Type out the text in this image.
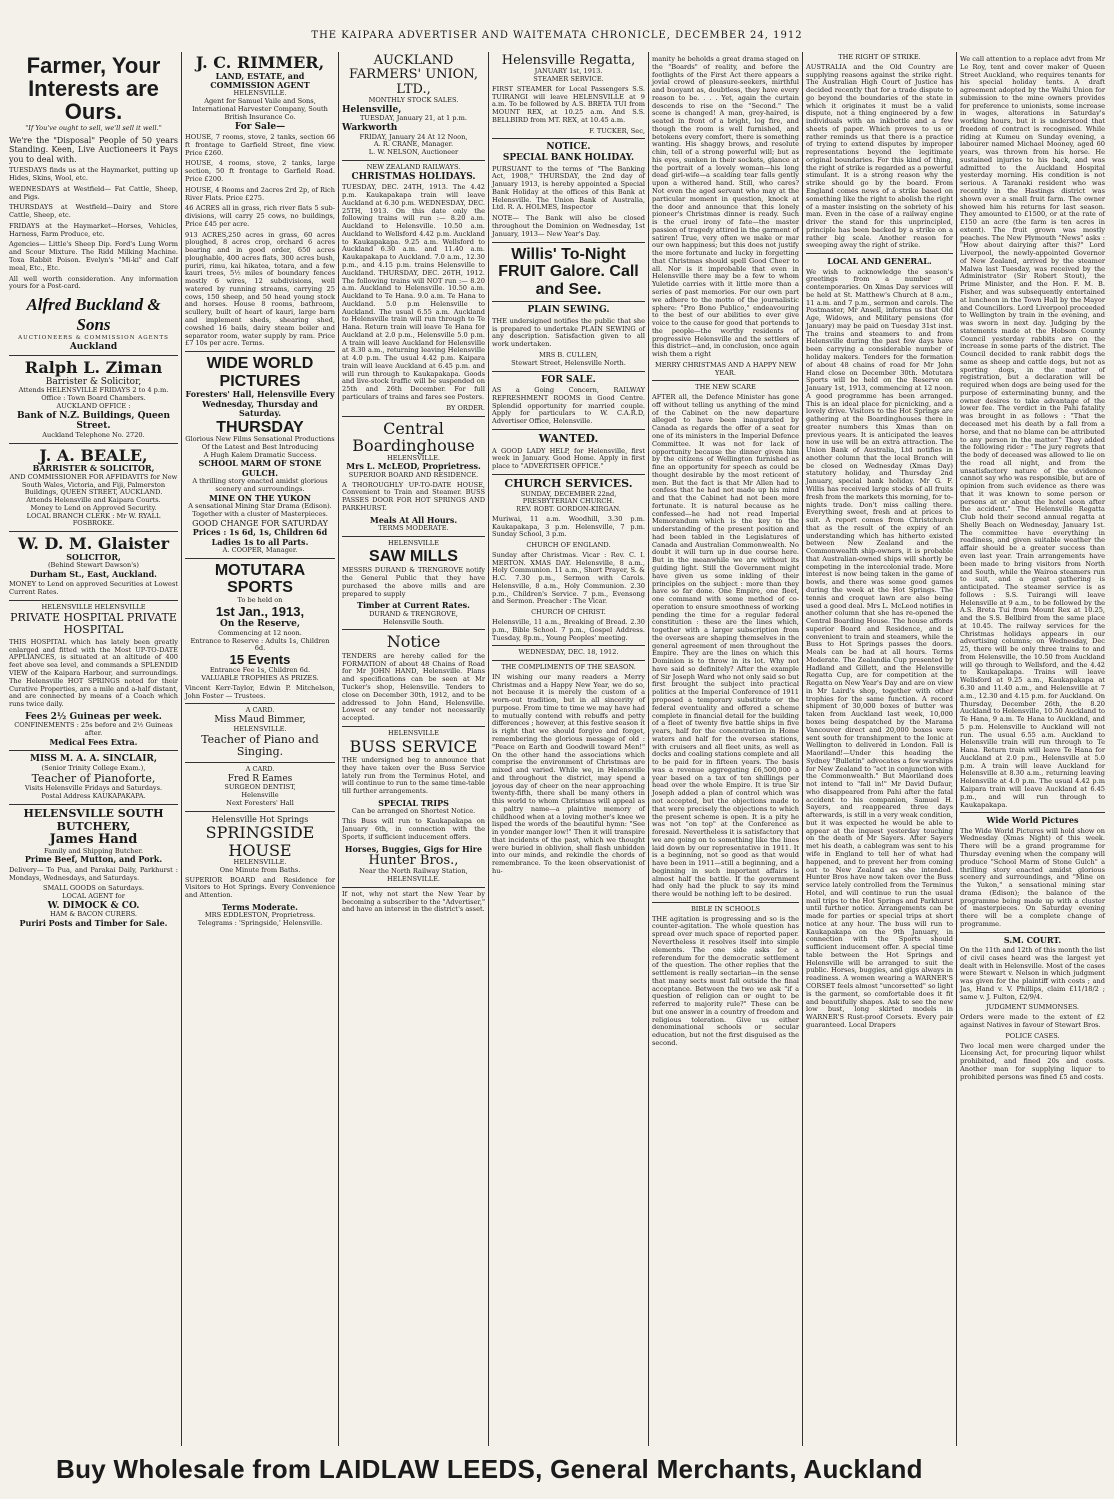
THE KAIPARA ADVERTISER AND WAITEMATA CHRONICLE, DECEMBER 24, 1912
Farmer, Your Interests are Ours.
"If You've ought to sell, we'll sell it well."
We're the "Disposal" People of 50 years Standing. Keen, Live Auctioneers it Pays you to deal with.
TUESDAYS finds us at the Haymarket, putting up Hides, Skins, Wool, etc.
WEDNESDAYS at Westfield— Fat Cattle, Sheep, and Pigs.
THURSDAYS at Westfield—Dairy and Store Cattle, Sheep, etc.
FRIDAYS at the Haymarket—Horses, Vehicles, Harness, Farm Produce, etc.
Agencies— Little's Sheep Dip. Ford's Lung Worm and Scour Mixture. The Ridd Milking Machine. Toxa Rabbit Poison. Evelyn's "Mi-ki" and Calf meal, Etc., Etc.
All well worth consideration. Any information yours for a Post-card.
Alfred Buckland & Sons
AUCTIONEERS & COMMISSION AGENTS
Auckland
Ralph L. Ziman
Barrister & Solicitor,
Attends HELENSVILLE FRIDAYS 2 to 4 p.m.
Office : Town Board Chambers.
AUCKLAND OFFICE :
Bank of N.Z. Buildings, Queen Street.
Auckland Telephone No. 2720.
J. A. BEALE,
BARRISTER & SOLICITOR,
AND COMMISSIONER FOR AFFIDAVITS for New South Wales, Victoria, and Fiji, Palmerston Buildings, QUEEN STREET, AUCKLAND.
Attends Helensville and Kaipara Courts.
Money to Lend on Approved Security.
LOCAL BRANCH CLERK : Mr W. RYALL FOSBROKE.
W. D. M. Glaister
SOLICITOR,
(Behind Stewart Dawson's)
Durham St., East, Auckland.
MONEY to Lend on approved Securities at Lowest Current Rates.
HELENSVILLE HELENSVILLE
PRIVATE HOSPITAL PRIVATE HOSPITAL
THIS HOSPITAL which has lately been greatly enlarged and fitted with the Most UP-TO-DATE APPLIANCES, is situated at an altitude of 400 feet above sea level, and commands a SPLENDID VIEW of the Kaipara Harbour, and surroundings. The Helensville HOT SPRINGS noted for their Curative Properties, are a mile and a-half distant, and are connected by means of a Coach which runs twice daily.
Fees 2½ Guineas per week.
CONFINEMENTS : 25s before and 2½ Guineas after.
Medical Fees Extra.
MISS M. A. A. SINCLAIR,
(Senior Trinity College Exam.),
Teacher of Pianoforte,
Visits Helensville Fridays and Saturdays.
Postal Address KAUKAPAKAPA.
HELENSVILLE SOUTH BUTCHERY,
James Hand
Family and Shipping Butcher.
Prime Beef, Mutton, and Pork.
Delivery— To Pua, and Parakai Daily, Parkhurst : Mondays, Wednesdays, and Saturdays.
SMALL GOODS on Saturdays.
LOCAL AGENT for
W. DIMOCK & CO.
HAM & BACON CURERS.
Puriri Posts and Timber for Sale.
J. C. RIMMER,
LAND, ESTATE, and COMMISSION AGENT
HELENSVILLE.
Agent for Samuel Vaile and Sons, International Harvester Company, South British Insurance Co.
For Sale—
HOUSE, 7 rooms, stove, 2 tanks, section 66 ft frontage to Garfield Street, fine view. Price £260.
HOUSE, 4 rooms, stove, 2 tanks, large section, 50 ft frontage to Garfield Road. Price £200.
HOUSE, 4 Rooms and 2acres 2rd 2p, of Rich River Flats. Price £275.
46 ACRES all in grass, rich river flats 5 sub-divisions, will carry 25 cows, no buildings, Price £45 per acre.
913 ACRES,250 acres in grass, 60 acres ploughed, 8 acres crop, orchard 6 acres bearing and in good order, 650 acres ploughable, 400 acres flats, 300 acres bush, puriri, rimu, kai hikatea, totara, and a few kauri trees, 5½ miles of boundary fences mostly 6 wires, 12 subdivisions, well watered by running streams, carrying 25 cows, 150 sheep, and 50 head young stock and horses. House 8 rooms, bathroom, scullery, built of heart of kauri, large barn and implement sheds, shearing shed, cowshed 16 bails, dairy steam boiler and separator room, water supply by ram. Price £7 10s per acre. Terms.
WIDE WORLD PICTURES
Foresters' Hall, Helensville Every Wednesday, Thursday and Saturday.
THURSDAY
Glorious New Films Sensational Productions Of the Latest and Best Introducing
A Hugh Kalem Dramatic Success.
SCHOOL MARM OF STONE GULCH.
A thrilling story enacted amidst glorious scenery and surroundings.
MINE ON THE YUKON
A sensational Mining Star Drama (Edison).
Together with a cluster of Masterpieces.
GOOD CHANGE FOR SATURDAY
Prices : 1s 6d, 1s, Children 6d Ladies 1s to all Parts.
A. COOPER, Manager.
MOTUTARA SPORTS
To be held on
1st Jan., 1913,
On the Reserve,
Commencing at 12 noon.
Entrance to Reserve : Adults 1s, Children 6d.
15 Events
Entrance Fee 1s, Children 6d.
VALUABLE TROPHIES AS PRIZES.
Vincent Kerr-Taylor, Edwin P. Mitchelson, John Foster — Trustees.
A CARD.
Miss Maud Bimmer,
HELENSVILLE.
Teacher of Piano and Singing.
A CARD.
Fred R Eames
SURGEON DENTIST,
Helensville
Next Foresters' Hall
Helensville Hot Springs
SPRINGSIDE HOUSE
HELENSVILLE.
One Minute from Baths.
SUPERIOR BOARD and Residence for Visitors to Hot Springs. Every Convenience and Attention.
Terms Moderate.
MRS EDDLESTON, Proprietress.
Telegrams : 'Springside,' Helensville.
AUCKLAND FARMERS' UNION, LTD.,
MONTHLY STOCK SALES.
Helensville,
TUESDAY, January 21, at 1 p.m.
Warkworth
FRIDAY, January 24 At 12 Noon,
A. R. CRANE, Manager.
L. W. NELSON, Auctioneer
NEW ZEALAND RAILWAYS.
CHRISTMAS HOLIDAYS.
TUESDAY, DEC. 24TH, 1913. The 4.42 p.m. Kaukapakapa train will leave Auckland at 6.30 p.m. WEDNESDAY, DEC. 25TH, 1913. On this date only the following trains will run :— 8.20 a.m. Auckland to Helensville. 10.50 a.m. Auckland to Wellsford 4.42 p.m. Auckland to Kaukapakapa. 9.25 a.m. Wellsford to Auckland 6.30 a.m. and 11.40 a.m. Kaukapakapa to Auckland. 7.0 a.m., 12.30 p.m., and 4.15 p.m. trains Helensville to Auckland. THURSDAY, DEC. 26TH, 1912. The following trains will NOT run :— 8.20 a.m. Auckland to Helensville. 10.50 a.m. Auckland to Te Hana. 9.0 a.m. Te Hana to Auckland. 5.0 p.m Helensville to Auckland. The usual 6.55 a.m. Auckland to Helensville train will run through to Te Hana. Return train will leave Te Hana for Auckland at 2.0 p.m., Helensville 5.0 p.m. A train will leave Auckland for Helensville at 8.30 a.m., returning leaving Helensville at 4.0 p.m. The usual 4.42 p.m. Kaipara train will leave Auckland at 6.45 p.m. and will run through to Kaukapakapa. Goods and live-stock traffic will be suspended on 25th and 26th December. For full particulars of trains and fares see Posters.
BY ORDER.
Central Boardinghouse
HELENSVILLE.
Mrs L. McLEOD, Proprietress.
SUPERIOR BOARD AND RESIDENCE.
A THOROUGHLY UP-TO-DATE HOUSE, Convenient to Train and Steamer. BUSS PASSES DOOR FOR HOT SPRINGS AND PARKHURST.
Meals At All Hours.
TERMS MODERATE.
HELENSVILLE
SAW MILLS
MESSRS DURAND & TRENGROVE notify the General Public that they have purchased the above mills and are prepared to supply
Timber at Current Rates.
DURAND & TRENGROVE,
Helensville South.
Notice
TENDERS are hereby called for the FORMATION of about 48 Chains of Road for Mr JOHN HAND, Helensville. Plans and specifications can be seen at Mr Tucker's shop, Helensville. Tenders to close on December 30th, 1912, and to be addressed to John Hand, Helensville. Lowest or any tender not necessarily accepted.
HELENSVILLE
BUSS SERVICE
THE undersigned beg to announce that they have taken over the Buss Service lately run from the Terminus Hotel, and will continue to run to the same time-table till further arrangements.
SPECIAL TRIPS
Can be arranged on Shortest Notice.
This Buss will run to Kaukapakapa on January 6th, in connection with the Sports, if sufficient inducement offers.
Horses, Buggies, Gigs for Hire
Hunter Bros.,
Near the North Railway Station, HELENSVILLE.
If not, why not start the New Year by becoming a subscriber to the "Advertiser," and have an interest in the district's asset.
Helensville Regatta,
JANUARY 1st, 1913.
STEAMER SERVICE.
FIRST STEAMER for Local Passengers S.S. TUIRANGI will leave HELENSVILLE at 9 a.m. To be followed by A.S. BRETA TUI from MOUNT REX, at 10.25 a.m. And S.S. BELLBIRD from MT. REX, at 10.45 a.m.
F. TUCKER, Sec,
NOTICE.
SPECIAL BANK HOLIDAY.
PURSUANT to the terms of "The Banking Act, 1908," THURSDAY, the 2nd day of January 1913, is hereby appointed a Special Bank Holiday at the offices of this Bank at Helensville. The Union Bank of Australia, Ltd. R. A. HOLMES, Inspector
NOTE— The Bank will also be closed throughout the Dominion on Wednesday, 1st January, 1913— New Year's Day.
Willis' To-Night FRUIT Galore. Call and See.
PLAIN SEWING.
THE undersigned notifies the public that she is prepared to undertake PLAIN SEWING of any description. Satisfaction given to all work undertaken.
MRS B. CULLEN,
Stewart Street, Helensville North.
FOR SALE.
AS a Going Concern, RAILWAY REFRESHMENT ROOMS in Good Centre. Splendid opportunity for married couple. Apply for particulars to W. C.A.R.D, Advertiser Office, Helensville.
WANTED.
A GOOD LADY HELP, for Helensville, first week in January. Good Home. Apply in first place to "ADVERTISER OFFICE."
CHURCH SERVICES.
SUNDAY, DECEMBER 22nd,
PRESBYTERIAN CHURCH.
REV. ROBT. GORDON-KIRGAN.
Muriwai, 11 a.m. Woodhill, 3.30 p.m. Kaukapakapa, 3 p.m. Helensville, 7 p.m. Sunday School, 3 p.m.
CHURCH OF ENGLAND.
Sunday after Christmas. Vicar : Rev. C. I. MERTON. XMAS DAY. Helensville, 8 a.m., Holy Communion. 11 a.m., Short Prayer, S. & H.C. 7.30 p.m., Sermon with Carols. Helensville, 8 a.m., Holy Communion. 2.30 p.m., Children's Service. 7 p.m., Evensong and Sermon. Preacher : The Vicar.
CHURCH OF CHRIST.
Helensville, 11 a.m., Breaking of Bread. 2.30 p.m., Bible School. 7 p.m., Gospel Address. Tuesday, 8p.m., Young Peoples' meeting.
WEDNESDAY, DEC. 18, 1912.
THE COMPLIMENTS OF THE SEASON.
IN wishing our many readers a Merry Christmas and a Happy New Year, we do so, not because it is merely the custom of a worn-out tradition, but in all sincerity of purpose. From time to time we may have had to mutually contend with rebuffs and petty differences ; however, at this festive season it is right that we should forgive and forget, remembering the glorious message of old : "Peace on Earth and Goodwill toward Men!" On the other hand the associations which comprise the environment of Christmas are mixed and varied. While we, in Helensville and throughout the district, may spend a joyous day of cheer on the near approaching twenty-fifth, there shall be many others in this world to whom Christmas will appeal as a paltry name—a plaintive memory of childhood when at a loving mother's knee we lisped the words of the beautiful hymn: "See in yonder manger low!" Then it will transpire that incidents of the past, which we thought were buried in oblivion, shall flash unbidden into our minds, and rekindle the chords of remembrance. To the keen observationist of hu-
manity he beholds a great drama staged on the "Boards" of reality, and before the footlights of the First Act there appears a jovial crowd of pleasure-seekers, mirthful and buoyant as, doubtless, they have every reason to be. . . . Yet, again the curtain descends to rise on the "Second." The scene is changed! A man, grey-haired, is seated in front of a bright, log fire, and though the room is well furnished, and betokens every comfort, there is something wanting. His shaggy brows, and resolute chin, tell of a strong powerful will; but as his eyes, sunken in their sockets, glance at the portrait of a lovely woman—his long dead girl-wife—a scalding tear falls gently upon a withered hand. Still, who cares? Not even the aged servant who may at the particular moment in question, knock at the door and announce that this lonely pioneer's Christmas dinner is ready. Such is the cruel irony of fate—the master passion of tragedy attired in the garment of satiren! True, very often we make or mar our own happiness; but this does not justify the more fortunate and lucky in forgetting that Christmas should spell Good Cheer to all. Nor is it improbable that even in Helensville there may be a few to whom Yuletide carries with it little more than a series of past memories. For our own part we adhere to the motto of the journalistic sphere: "Pro Bono Publico," endeavouring to the best of our abilities to ever give voice to the cause for good that portends to the people—the worthy residents of progressive Helensville and the settlers of this district—and, in conclusion, once again wish them a right
MERRY CHRISTMAS AND A HAPPY NEW YEAR.
THE NEW SCARE
AFTER all, the Defence Minister has gone off without telling us anything of the mind of the Cabinet on the new departure alleged to have been inaugurated by Canada as regards the offer of a seat for one of its ministers in the Imperial Defence Committee. It was not for lack of opportunity because the dinner given him by the citizens of Wellington furnished as fine an opportunity for speech as could be thought desirable by the most reticent of men. But the fact is that Mr Allen had to confess that he had not made up his mind and that the Cabinet had not been more fortunate. It is natural because as he confessed—he had not read Imperial Memorandum which is the key to the understanding of the present position and had been tabled in the Legislatures of Canada and Australian Commonwealth. No doubt it will turn up in due course here. But in the meanwhile we are without its guiding light. Still the Government might have given us some inkling of their principles on the subject : more than they have so far done. One Empire, one fleet, one command with some method of co-operation to ensure smoothness of working pending the time for a regular federal constitution : these are the lines which, together with a larger subscription from the overseas are shaping themselves in the general agreement of men throughout the Empire. They are the lines on which this Dominion is to throw in its lot. Why not have said so definitely? After the example of Sir Joseph Ward who not only said so but first brought the subject into practical politics at the Imperial Conference of 1911 proposed a temporary substitute or the federal eventuality and offered a scheme complete in financial detail for the building of a fleet of twenty five battle ships in five years, half for the concentration in Home waters and half for the oversea stations, with cruisers and all fleet units, as well as docks and coaling stations complete and all to be paid for in fifteen years. The basis was a revenue aggregating £6,500,000 a year based on a tax of ten shillings per head over the whole Empire. It is true Sir Joseph added a plan of control which was not accepted, but the objections made to that were precisely the objections to which the present scheme is open. It is a pity he was not "on top" at the Conference as foresaid. Nevertheless it is satisfactory that we are going on to something like the lines laid down by our representative in 1911. It is a beginning, not so good as that would have been in 1911—still a beginning, and a beginning in such important affairs is almost half the battle. If the government had only had the pluck to say its mind there would be nothing left to be desired.
BIBLE IN SCHOOLS
THE agitation is progressing and so is the counter-agitation. The whole question has spread over much space of reported paper. Nevertheless it resolves itself into simple elements. The one side asks for a referendum for the democratic settlement of the question. The other replies that the settlement is really sectarian—in the sense that many sects must fall outside the final acceptance. Between the two we ask "if a question of religion can or ought to be referred to majority rule?" These can be but one answer in a country of freedom and religious toleration. Give us either denominational schools or secular education, but not the first disguised as the second.
THE RIGHT OF STRIKE.
AUSTRALIA and the Old Country are supplying reasons against the strike right. The Australian High Court of Justice has decided recently that for a trade dispute to go beyond the boundaries of the state in which it originates it must be a valid dispute, not a thing engineered by a few individuals with an inkbottle and a few sheets of paper. Which proves to us or rather reminds us that there is a practice of trying to extend disputes by improper representations beyond the legitimate original boundaries. For this kind of thing, the right of strike is regarded as a powerful stimulant. It is a strong reason why the strike should go by the board. From England comes news of a strike based on something like the right to abolish the right of a master insisting on the sobriety of his man. Even in the case of a railway engine driver the stand for this unprincipled, principle has been backed by a strike on a rather big scale. Another reason for sweeping away the right of strike.
LOCAL AND GENERAL.
We wish to acknowledge the season's greetings from a number of contemporaries. On Xmas Day services will be held at St. Matthew's Church at 8 a.m., 11 a.m. and 7 p.m., sermon and carols. The Postmaster, Mr Ansell, informs us that Old Age, Widows, and Military pensions (for January) may be paid on Tuesday 31st inst. The trains and steamers to and from Helensville during the past few days have been carrying a considerable number of holiday makers. Tenders for the formation of about 48 chains of road for Mr John Hand close on December 30th. Motutara Sports will be held on the Reserve on January 1st, 1913, commencing at 12 noon. A good programme has been arranged. This is an ideal place for picnicking, and a lovely drive. Visitors to the Hot Springs are gathering at the Boardinghouses there in greater numbers this Xmas than on previous years. It is anticipated the leaves now in use will be an extra attraction. The Union Bank of Australia, Ltd notifies in another column that the local Branch will be closed on Wednesday (Xmas Day) statutory holiday, and Thursday 2nd January, special bank holiday. Mr G. F. Willis has received large stocks of all fruits fresh from the markets this morning, for to-nights trade. Don't miss calling there. Everything sweet, fresh and at prices to suit. A report comes from Christchurch that as the result of the expiry of an understanding which has hitherto existed between New Zealand and the Commonwealth ship-owners, it is probable that Australian-owned ships will shortly be competing in the intercolonial trade. More interest is now being taken in the game of bowls, and there was some good games during the week at the Hot Springs. The tennis and croquet lawn are also being used a good deal. Mrs L. McLeod notifies in another column that she has re-opened the Central Boarding House. The house affords superior Board and Residence, and is convenient to train and steamers, while the Buss to Hot Springs passes the doors. Meals can be had at all hours. Terms Moderate. The Zealandia Cup presented by Hadland and Gillett, and the Helensville Regatta Cup, are for competition at the Regatta on New Year's Day and are on view in Mr Laird's shop, together with other trophies for the same function. A record shipment of 30,000 boxes of butter was taken from Auckland last week, 10,000 boxes being despatched by the Marama Vancouver direct and 20,000 boxes were sent south for transhipment to the Ionic at Wellington to delivered in London. Fall is Maoriland!—Under this heading the Sydney "Bulletin" advocates a few warships for New Zealand to "act in conjunction with the Commonwealth." But Maoriland does not intend to "fall in!" Mr David Dufaur, who disappeared from Pahi after the fatal accident to his companion, Samuel H. Sayers, and reappeared three days afterwards, is still in a very weak condition, but it was expected he would be able to appear at the inquest yesterday touching on the death of Mr Sayers. After Sayers met his death, a cablegram was sent to his wife in England to tell her of what had happened, and to prevent her from coming out to New Zealand as she intended. Hunter Bros have now taken over the Buss service lately controlled from the Terminus Hotel, and will continue to run the usual mail trips to the Hot Springs and Parkhurst until further notice. Arrangements can be made for parties or special trips at short notice at any hour. The buss will run to Kaukapakapa on the 9th January, in connection with the Sports should sufficient inducement offer. A special time table between the Hot Springs and Helensville will be arranged to suit the public. Horses, buggies, and gigs always in readiness. A women wearing a WARNER'S CORSET feels almost "uncorsetted" so light is the garment, so comfortable does it fit and beautifully shapes. Ask to see the new low bust, long skirted models in WARNER'S Rust-proof Corsets. Every pair guaranteed. Local Drapers
We call attention to a replace advt from Mr Le Roy, tent and cover maker of Queen Street Auckland, who requires tenants for his special holiday tents. A draft agreement adopted by the Waihi Union for submission to the mine owners provides for preference to unionists, some increase in wages, alterations in Saturday's working hours, but it is understood that freedom of contract is recognised. While riding at Kumeu on Sunday evening, a labourer named Michael Mooney, aged 60 years, was thrown from his horse. He sustained injuries to his back, and was admitted to the Auckland Hospital yesterday morning. His condition is not serious. A Taranaki resident who was recently in the Hastings district was shown over a small fruit farm. The owner showed him his returns for last season. They amounted to £1500, or at the rate of £150 an acre (the farm is ten acres in extent). The fruit grown was mostly peaches. The New Plymouth "News" asks : "How about dairying after this?" Lord Liverpool, the newly-appointed Governor of New Zealand, arrived by the steamer Malwa last Tuesday, was received by the Administrator (Sir Robert Stout), the Prime Minister, and the Hon. F. M. B. Fisher, and was subsequently entertained at luncheon in the Town Hall by the Mayor and Councillors. Lord Liverpool proceeded to Wellington by train in the evening, and was sworn in next day. Judging by the statements made at the Hobson County Council yesterday rabbits are on the increase in some parts of the district. The Council decided to rank rabbit dogs the same as sheep and cattle dogs, but not as sporting dogs, in the matter of registration, but a declaration will be required when dogs are being used for the purpose of exterminating bunny, and the owner desires to take advantage of the lower fee. The verdict in the Pahi fatality was brought in as follows : "That the deceased met his death by a fall from a horse, and that no blame can be attributed to any person in the matter." They added the following rider : "The jury regrets that the body of deceased was allowed to lie on the road all night, and from the unsatisfactory nature of the evidence cannot say who was responsible, but are of opinion from such evidence as there was that it was known to some person or persons at or about the hotel soon after the accident." The Helensville Regatta Club hold their second annual regatta at Shelly Beach on Wednesday, January 1st. The committee have everything in readiness, and given suitable weather the affair should be a greater success than even last year. Train arrangements have been made to bring visitors from North and South, while the Wairoa steamers run to suit, and a great gathering is anticipated. The steamer service is as follows : S.S. Tuirangi will leave Helensville at 9 a.m., to be followed by the A.S. Breta Tui from Mount Rex at 10.25, and the S.S. Bellbird from the same place at 10.45. The railway services for the Christmas holidays appears in our advertising columns; on Wednesday, Dec 25, there will be only three trains to and from Helensville, the 10.50 from Auckland will go through to Wellsford, and the 4.42 to Kaukapakapa. Trains will leave Wellsford at 9.25 a.m., Kaukapakapa at 6.30 and 11.40 a.m., and Helensville at 7 a.m., 12.30 and 4.15 p.m. for Auckland. On Thursday, December 26th, the 8.20 Auckland to Helensville, 10.50 Auckland to Te Hana, 9 a.m. Te Hana to Auckland, and 5 p.m. Helensville to Auckland will not run. The usual 6.55 a.m. Auckland to Helensville train will run through to Te Hana. Return train will leave Te Hana for Auckland at 2.0 p.m., Helensville at 5.0 p.m. A train will leave Auckland for Helensville at 8.30 a.m., returning leaving Helensville at 4.0 p.m. The usual 4.42 p.m Kaipara train will leave Auckland at 6.45 p.m., and will run through to Kaukapakapa.
Wide World Pictures
The Wide World Pictures will hold show on Wednesday (Xmas Night) of this week. There will be a grand programme for Thursday evening when the company will produce "School Marm of Stone Gulch" a thrilling story enacted amidst glorious scenery and surroundings, and "Mine on the Yukon," a sensational mining star drama (Edison); the balance of the programme being made up with a cluster of masterpieces. On Saturday evening there will be a complete change of programme.
S.M. COURT.
On the 11th and 12th of this month the list of civil cases heard was the largest yet dealt with in Helensville. Most of the cases were Stewart v. Nelson in which judgment was given for the plaintiff with costs ; and Jas, Hand v. V. Phillips, claim £11/18/2 ; same v. J. Fulton, £2/9/4.
JUDGMENT SUMMONSES.
Orders were made to the extent of £2 against Natives in favour of Stewart Bros.
POLICE CASES.
Two local men were charged under the Licensing Act, for procuring liquor whilst prohibited, and fined 20s and costs. Another man for supplying liquor to prohibited persons was fined £5 and costs.
Buy Wholesale from LAIDLAW LEEDS, General Merchants, Auckland
